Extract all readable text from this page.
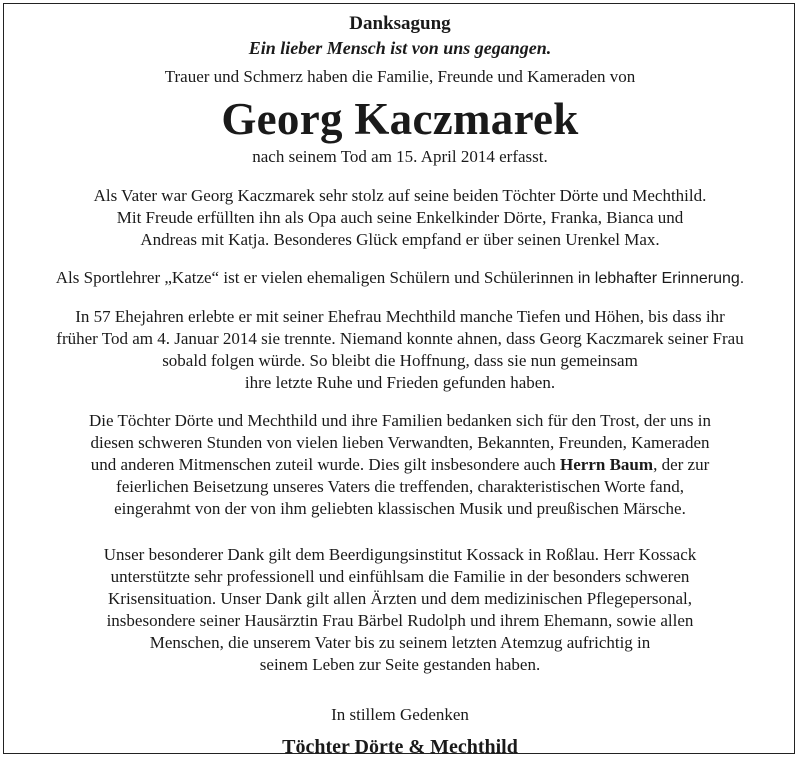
Danksagung

Ein lieber Mensch ist von uns gegangen.

Trauer und Schmerz haben die Familie, Freunde und Kameraden von

Georg Kaczmarek

nach seinem Tod am 15. April 2014 erfasst.

Als Vater war Georg Kaczmarek sehr stolz auf seine beiden Töchter Dörte und Mechthild.

Mit Freude erfüllten ihn als Opa auch seine Enkelkinder Dörte, Franka, Bianca und

Andreas mit Katja. Besonderes Glück empfand er über seinen Urenkel Max.

Als Sportlehrer „Katze“ ist er vielen ehemaligen Schülern und Schülerinnen in lebhafter Erinnerung.

In 57 Ehejahren erlebte er mit seiner Ehefrau Mechthild manche Tiefen und Höhen, bis dass ihr

früher Tod am 4. Januar 2014 sie trennte. Niemand konnte ahnen, dass Georg Kaczmarek seiner Frau

sobald folgen würde. So bleibt die Hoffnung, dass sie nun gemeinsam

ihre letzte Ruhe und Frieden gefunden haben.

Die Töchter Dörte und Mechthild und ihre Familien bedanken sich für den Trost, der uns in

diesen schweren Stunden von vielen lieben Verwandten, Bekannten, Freunden, Kameraden

und anderen Mitmenschen zuteil wurde. Dies gilt insbesondere auch Herrn Baum, der zur

feierlichen Beisetzung unseres Vaters die treffenden, charakteristischen Worte fand,

eingerahmt von der von ihm geliebten klassischen Musik und preußischen Märsche.

Unser besonderer Dank gilt dem Beerdigungsinstitut Kossack in Roßlau. Herr Kossack

unterstützte sehr professionell und einfühlsam die Familie in der besonders schweren

Krisensituation. Unser Dank gilt allen Ärzten und dem medizinischen Pflegepersonal,

insbesondere seiner Hausärztin Frau Bärbel Rudolph und ihrem Ehemann, sowie allen

Menschen, die unserem Vater bis zu seinem letzten Atemzug aufrichtig in

seinem Leben zur Seite gestanden haben.

In stillem Gedenken

Töchter Dörte & Mechthild
